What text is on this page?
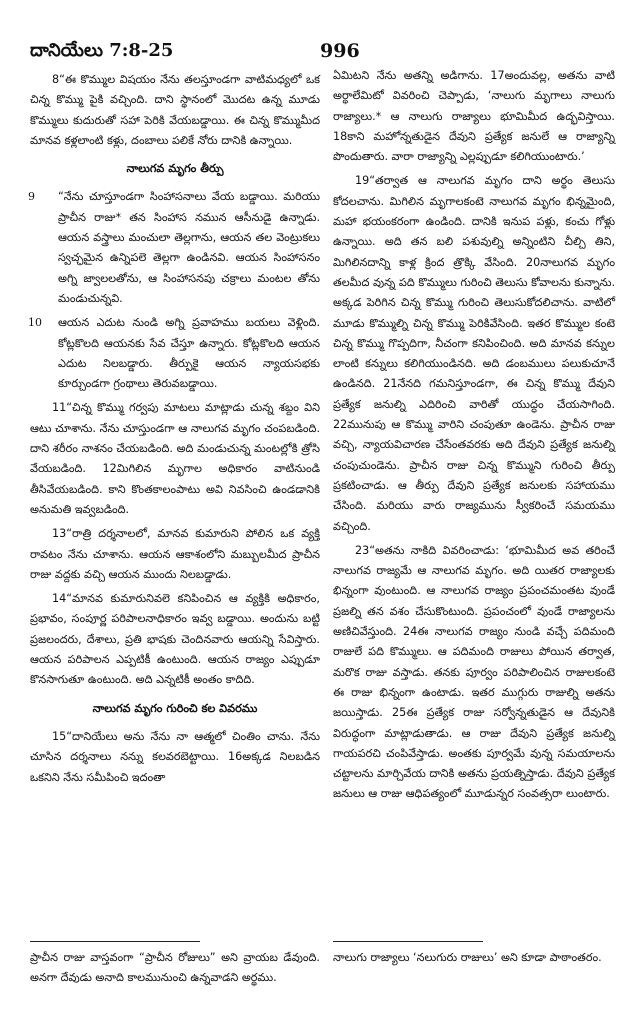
దానియేలు 7:8-25	996

8“ఈ కొమ్ముల విషయం నేను తలస్తూండగా వాటిమధ్యలో ఒక చిన్న కొమ్ము పైకి వచ్చింది. దాని స్థానంలో మొదట ఉన్న మూడు కొమ్ములు కుదురుతో సహా పెరికి వేయబడ్డాయి. ఈ చిన్న కొమ్ముమీద మానవ కళ్లలాంటి కళ్లు, దంబాలు పలికే నోరు దానికి ఉన్నాయి.

నాలుగవ మృగం తీర్పు
9 “నేను చూస్తూండగా సింహాసనాలు వేయ బడ్డాయి. మరియు ప్రాచీన రాజు* తన సింహాస నమున ఆసీనుడై ఉన్నాడు. ఆయన వస్త్రాలు మంచులా తెల్లగాను, ఆయన తల వెంట్రుకలు స్వచ్ఛమైన ఉన్నిపలె తెల్లగా ఉండినవి. ఆయన సింహాసనం అగ్ని జ్వాలలతోను, ఆ సింహాసనపు చక్రాలు మంటల తోను మండుచున్నవి.
10 ఆయన ఎదుట నుండి అగ్ని ప్రవాహము బయలు వెళ్లింది. కోట్లకొలది ఆయనకు సేవ చేస్తూ ఉన్నారు. కోట్లకొలది ఆయన ఎదుట నిలబడ్డారు. తీర్పుకై ఆయన న్యాయసభకు కూర్చుండగా గ్రంథాలు తెరువబడ్డాయి.

11“చిన్న కొమ్ము గర్వపు మాటలు మాట్లాడు చున్న శబ్దం విని ఆటు చూశాను. నేను చూస్తుండగా ఆ నాలుగవ మృగం చంపబడింది. దాని శరీరం నాశనం చేయబడింది. అది మండుచున్న మంటల్లోకి త్రోసి వేయబడింది. 12మిగిలిన మృగాల అధికారం వాటినుండి తీసివేయబడింది. కాని కొంతకాలంపాటు అవి నివసించి ఉండడానికి అనుమతి ఇవ్వబడింది.

13“రాత్రి దర్శనాలలో, మానవ కుమారుని పోలిన ఒక వ్యక్తి రావటం నేను చూశాను. ఆయన ఆకాశంలోని మబ్బులమీద ప్రాచీన రాజు వద్దకు వచ్చి ఆయన ముందు నిలబడ్డాడు.

14“మానవ కుమారునివలె కనిపించిన ఆ వ్యక్తికి అధికారం, ప్రభావం, సంపూర్ణ పరిపాలనాధికారం ఇవ్వ బడ్డాయి. అందును బట్టి ప్రజలందరు, దేశాలు, ప్రతి భాషకు చెందినవారు ఆయన్ని సేవిస్తారు. ఆయన పరిపాలన ఎప్పటికీ ఉంటుంది. ఆయన రాజ్యం ఎప్పుడూ కొనసాగుతూ ఉంటుంది. అది ఎన్నటికీ అంతం కాదిది.

నాలుగవ మృగం గురించి కల వివరము

15“దానియేలు అను నేను నా ఆత్మలో చింతిం చాను. నేను చూసిన దర్శనాలు నన్ను కలవరబెట్టాయి. 16అక్కడ నిలబడిన ఒకనిని నేను సమీపించి ఇదంతా

ఏమిటని నేను అతన్ని అడిగాను. 17అందువల్ల, అతను వాటి అర్థాలేమిటో వివరించి చెప్పాడు, ‘నాలుగు మృగాలు నాలుగు రాజ్యాలు.* ఆ నాలుగు రాజ్యాలు భూమిమీద ఉద్భవిస్తాయి. 18కాని మహోన్నతుడైన దేవుని ప్రత్యేక జనులే ఆ రాజ్యాన్ని పొందుతారు. వారా రాజ్యాన్ని ఎల్లప్పుడూ కలిగియుంటారు.’

19“తర్వాత ఆ నాలుగవ మృగం దాని అర్థం తెలుసు కోదలచాను. మిగిలిన మృగాలకంటె నాలుగవ మృగం భిన్నమైంది, మహా భయంకరంగా ఉండింది. దానికి ఇనుప పళ్లు, కంచు గోళ్లు ఉన్నాయి. అది తన బలి పశువుల్ని అన్నింటిని చీల్చి తిని, మిగిలినదాన్ని కాళ్ల క్రింద త్రొక్కి వేసింది. 20నాలుగవ మృగం తలమీద వున్న పది కొమ్ములు గురించి తెలుసు కోవాలను కున్నాను. అక్కడ పెరిగిన చిన్న కొమ్ము గురించి తెలుసుకోదలిచాను. వాటిలో మూడు కొమ్ముల్ని చిన్న కొమ్ము పెరికివేసింది. ఇతర కొమ్ముల కంటె చిన్న కొమ్ము గొప్పదిగా, నీచంగా కనిపించింది. అది మానవ కన్నుల లాంటి కన్నులు కలిగియుండినది. అది డంబములు పలుకుచూనే ఉండినది. 21నేనది గమనిస్తూండగా, ఈ చిన్న కొమ్ము దేవుని ప్రత్యేక జనుల్ని ఎదిరించి వారితో యుద్ధం చేయసాగింది. 22మునుపు ఆ కొమ్ము వారిని చంపుతూ ఉండెను. ప్రాచీన రాజు వచ్చి, న్యాయవిచారణ చేసేంతవరకు అది దేవుని ప్రత్యేక జనుల్ని చంపుచుండెను. ప్రాచీన రాజు చిన్న కొమ్ముని గురించి తీర్పు ప్రకటించాడు. ఆ తీర్పు దేవుని ప్రత్యేక జనులకు సహాయము చేసింది. మరియు వారు రాజ్యమును స్వీకరించే సమయము వచ్చింది.

23“అతను నాకిది వివరించాడు: ‘భూమిమీద అవ తరించే నాలుగవ రాజ్యమే ఆ నాలుగవ మృగం. అది యితర రాజ్యాలకు భిన్నంగా వుంటుంది. ఆ నాలుగవ రాజ్యం ప్రపంచమంతట వుండే ప్రజల్ని తన వశం చేసుకొంటుంది. ప్రపంచంలో వుండే రాజ్యాలను అణిచివేస్తుంది. 24ఈ నాలుగవ రాజ్యం నుండి వచ్చే పదిమంది రాజులే పది కొమ్ములు. ఆ పదిమంది రాజులు పోయిన తర్వాత, మరొక రాజు వస్తాడు. తనకు పూర్వం పరిపాలించిన రాజులకంటె ఈ రాజు భిన్నంగా ఉంటాడు. ఇతర ముగ్గురు రాజుల్ని అతను జయిస్తాడు. 25ఈ ప్రత్యేక రాజు సర్వోన్నతుడైన ఆ దేవునికి విరుద్ధంగా మాట్లాడుతాడు. ఆ రాజు దేవుని ప్రత్యేక జనుల్ని గాయపరచి చంపివేస్తాడు. అంతకు పూర్వమే వున్న సమయాలను చట్టాలను మార్చివేయ దానికి అతను ప్రయత్నిస్తాడు. దేవుని ప్రత్యేక జనులు ఆ రాజు ఆధిపత్యంలో మూడున్నర సంవత్సరా లుంటారు.

ప్రాచీన రాజు వాస్తవంగా “ప్రాచీన రోజులు” అని వ్రాయబ డేవుంది. అనగా దేవుడు అనాది కాలమునుంచి ఉన్నవాడని అర్థము.
నాలుగు రాజ్యాలు ‘నలుగురు రాజులు’ అని కూడా పాఠాంతరం.
